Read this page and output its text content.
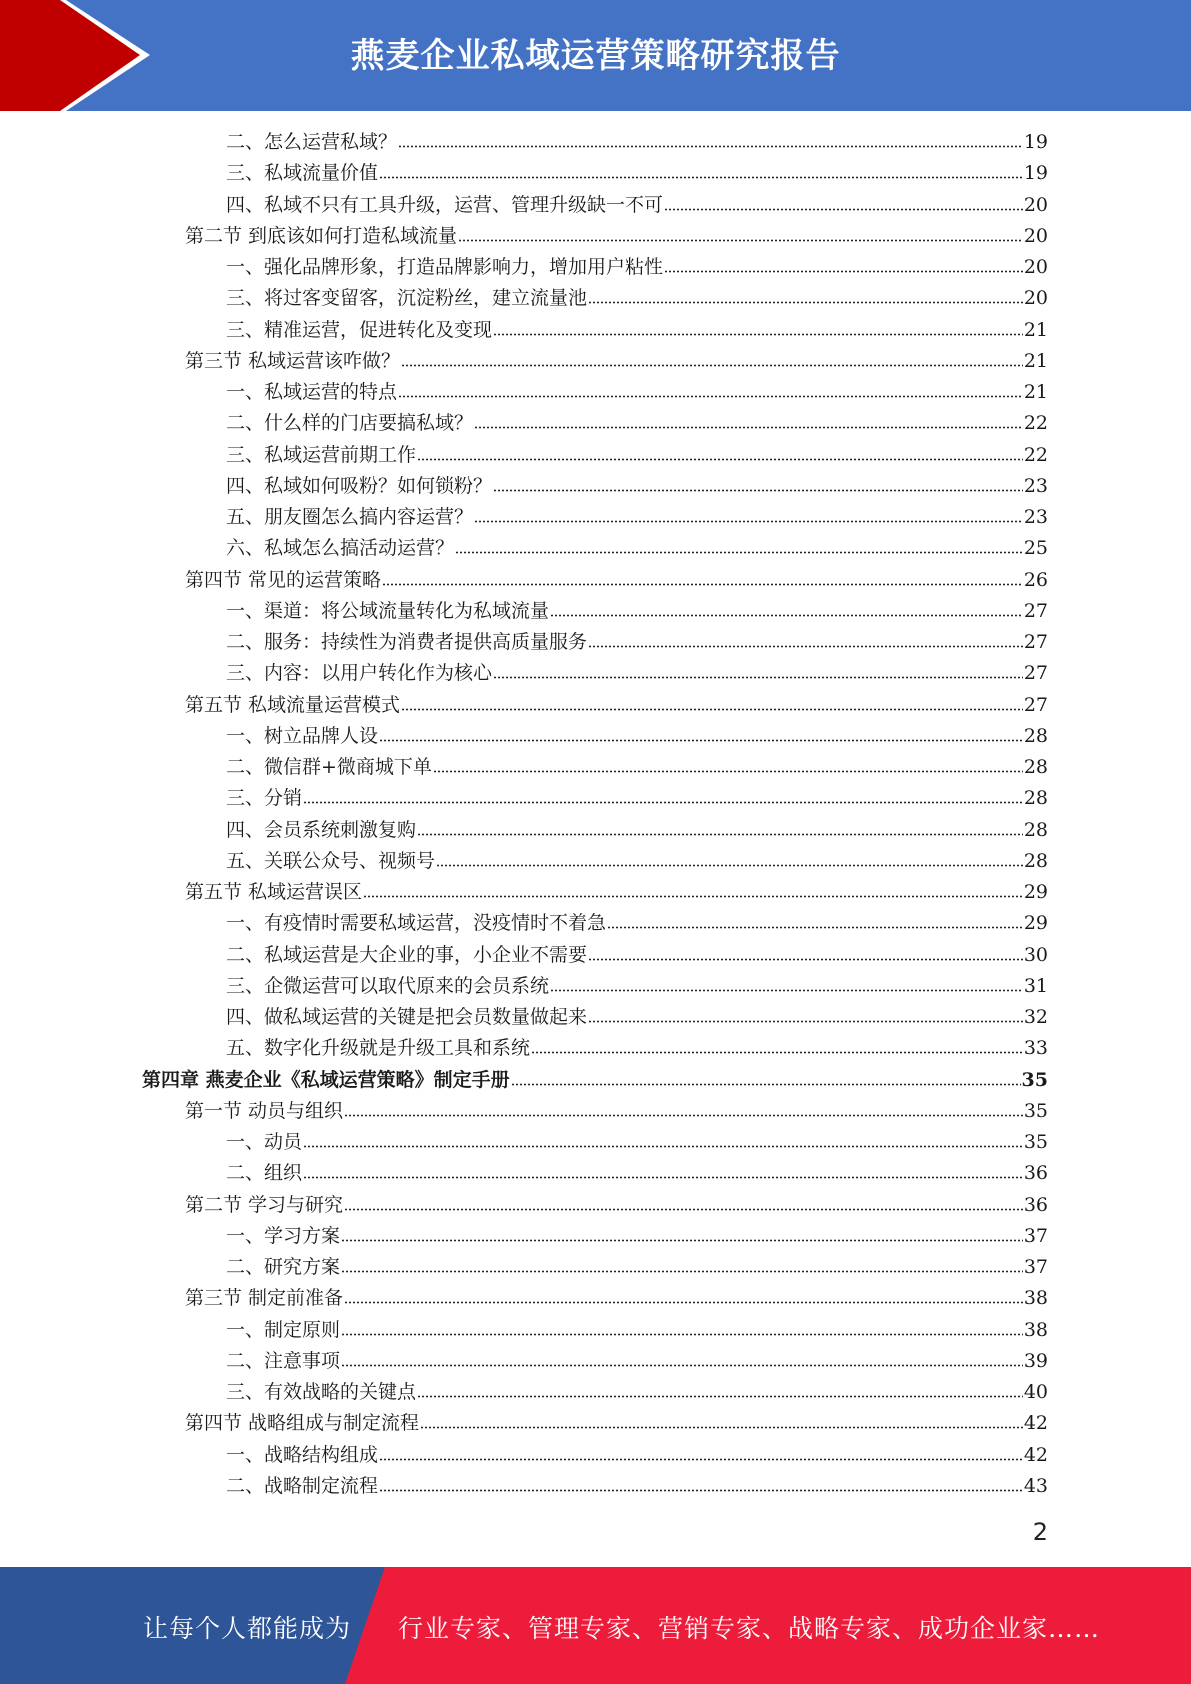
燕麦企业私域运营策略研究报告
二、怎么运营私域？	19
三、私域流量价值	19
四、私域不只有工具升级，运营、管理升级缺一不可	20
第二节 到底该如何打造私域流量	20
一、强化品牌形象，打造品牌影响力，增加用户粘性	20
三、将过客变留客，沉淀粉丝，建立流量池	20
三、精准运营，促进转化及变现	21
第三节 私域运营该咋做？	21
一、私域运营的特点	21
二、什么样的门店要搞私域？	22
三、私域运营前期工作	22
四、私域如何吸粉？如何锁粉？	23
五、朋友圈怎么搞内容运营？	23
六、私域怎么搞活动运营？	25
第四节 常见的运营策略	26
一、渠道：将公域流量转化为私域流量	27
二、服务：持续性为消费者提供高质量服务	27
三、内容：以用户转化作为核心	27
第五节 私域流量运营模式	27
一、树立品牌人设	28
二、微信群+微商城下单	28
三、分销	28
四、会员系统刺激复购	28
五、关联公众号、视频号	28
第五节 私域运营误区	29
一、有疫情时需要私域运营，没疫情时不着急	29
二、私域运营是大企业的事，小企业不需要	30
三、企微运营可以取代原来的会员系统	31
四、做私域运营的关键是把会员数量做起来	32
五、数字化升级就是升级工具和系统	33
第四章 燕麦企业《私域运营策略》制定手册	35
第一节 动员与组织	35
一、动员	35
二、组织	36
第二节 学习与研究	36
一、学习方案	37
二、研究方案	37
第三节 制定前准备	38
一、制定原则	38
二、注意事项	39
三、有效战略的关键点	40
第四节 战略组成与制定流程	42
一、战略结构组成	42
二、战略制定流程	43
2
让每个人都能成为 行业专家、管理专家、营销专家、战略专家、成功企业家……
